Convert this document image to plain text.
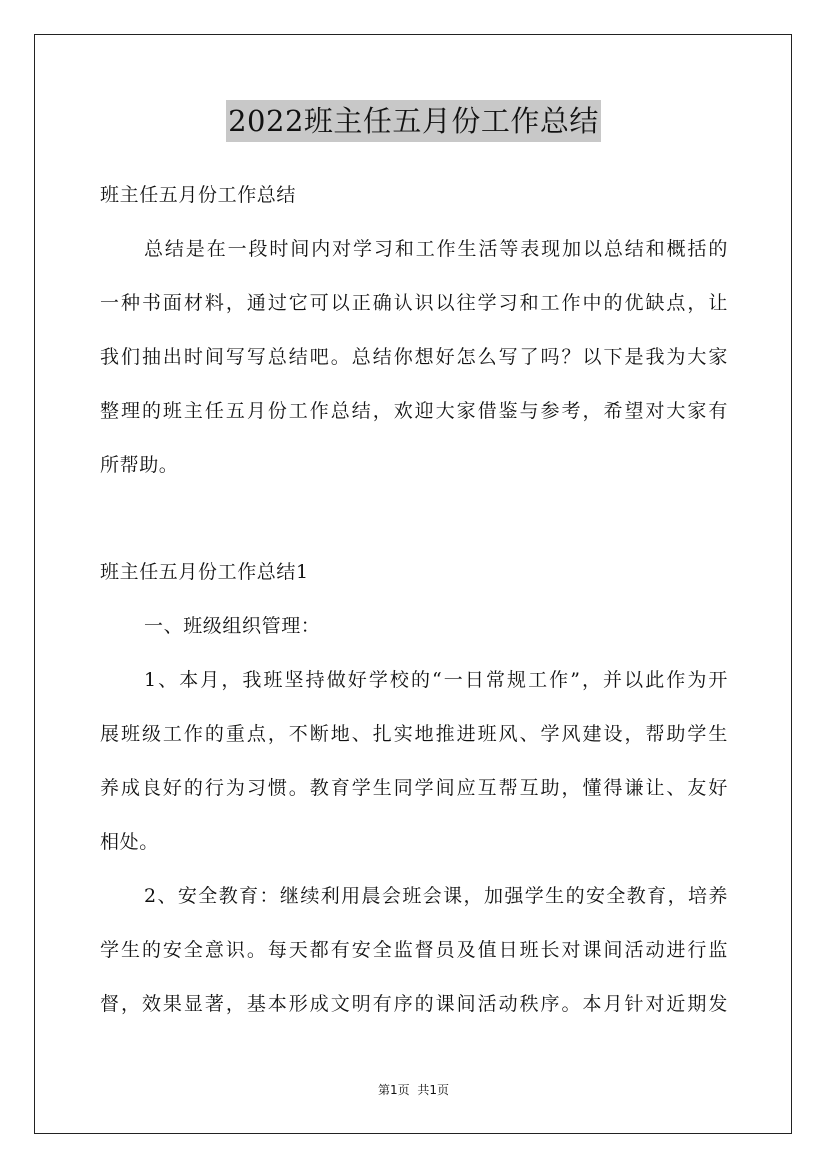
2022班主任五月份工作总结
班主任五月份工作总结
总结是在一段时间内对学习和工作生活等表现加以总结和概括的
一种书面材料，通过它可以正确认识以往学习和工作中的优缺点，让
我们抽出时间写写总结吧。总结你想好怎么写了吗？以下是我为大家
整理的班主任五月份工作总结，欢迎大家借鉴与参考，希望对大家有
所帮助。
班主任五月份工作总结1
一、班级组织管理：
1、本月，我班坚持做好学校的“一日常规工作”，并以此作为开
展班级工作的重点，不断地、扎实地推进班风、学风建设，帮助学生
养成良好的行为习惯。教育学生同学间应互帮互助，懂得谦让、友好
相处。
2、安全教育：继续利用晨会班会课，加强学生的安全教育，培养
学生的安全意识。每天都有安全监督员及值日班长对课间活动进行监
督，效果显著，基本形成文明有序的课间活动秩序。本月针对近期发
第1页 共1页
